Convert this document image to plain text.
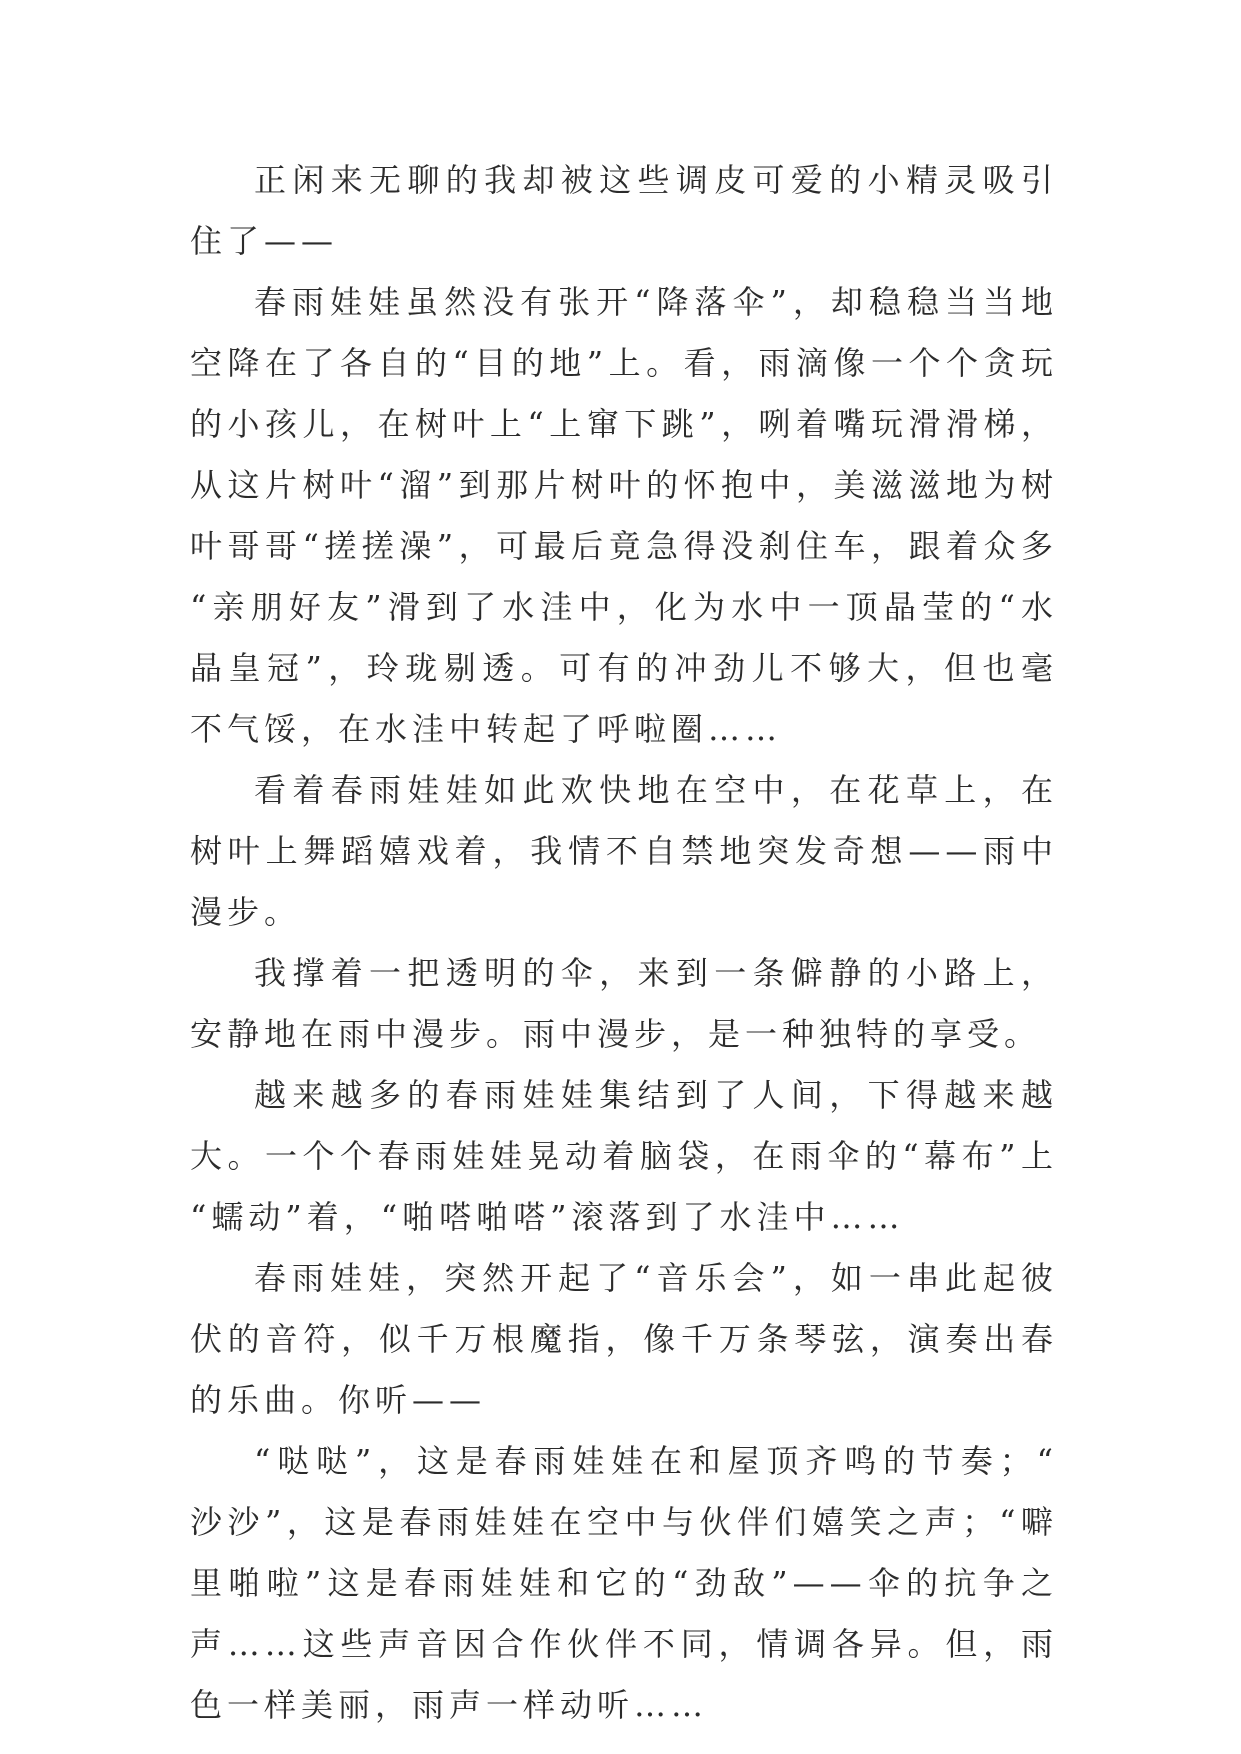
正闲来无聊的我却被这些调皮可爱的小精灵吸引住了——

春雨娃娃虽然没有张开“降落伞”，却稳稳当当地空降在了各自的“目的地”上。看，雨滴像一个个贪玩的小孩儿，在树叶上“上窜下跳”，咧着嘴玩滑滑梯，从这片树叶“溜”到那片树叶的怀抱中，美滋滋地为树叶哥哥“搓搓澡”，可最后竟急得没刹住车，跟着众多“亲朋好友”滑到了水洼中，化为水中一顶晶莹的“水晶皇冠”，玲珑剔透。可有的冲劲儿不够大，但也毫不气馁，在水洼中转起了呼啦圈……

看着春雨娃娃如此欢快地在空中，在花草上，在树叶上舞蹈嬉戏着，我情不自禁地突发奇想——雨中漫步。

我撑着一把透明的伞，来到一条僻静的小路上，安静地在雨中漫步。雨中漫步，是一种独特的享受。

越来越多的春雨娃娃集结到了人间，下得越来越大。一个个春雨娃娃晃动着脑袋，在雨伞的“幕布”上“蠕动”着，“啪嗒啪嗒”滚落到了水洼中……

春雨娃娃，突然开起了“音乐会”，如一串此起彼伏的音符，似千万根魔指，像千万条琴弦，演奏出春的乐曲。你听——

“哒哒”，这是春雨娃娃在和屋顶齐鸣的节奏；“沙沙”，这是春雨娃娃在空中与伙伴们嬉笑之声；“噼里啪啦”这是春雨娃娃和它的“劲敌”——伞的抗争之声……这些声音因合作伙伴不同，情调各异。但，雨色一样美丽，雨声一样动听……
